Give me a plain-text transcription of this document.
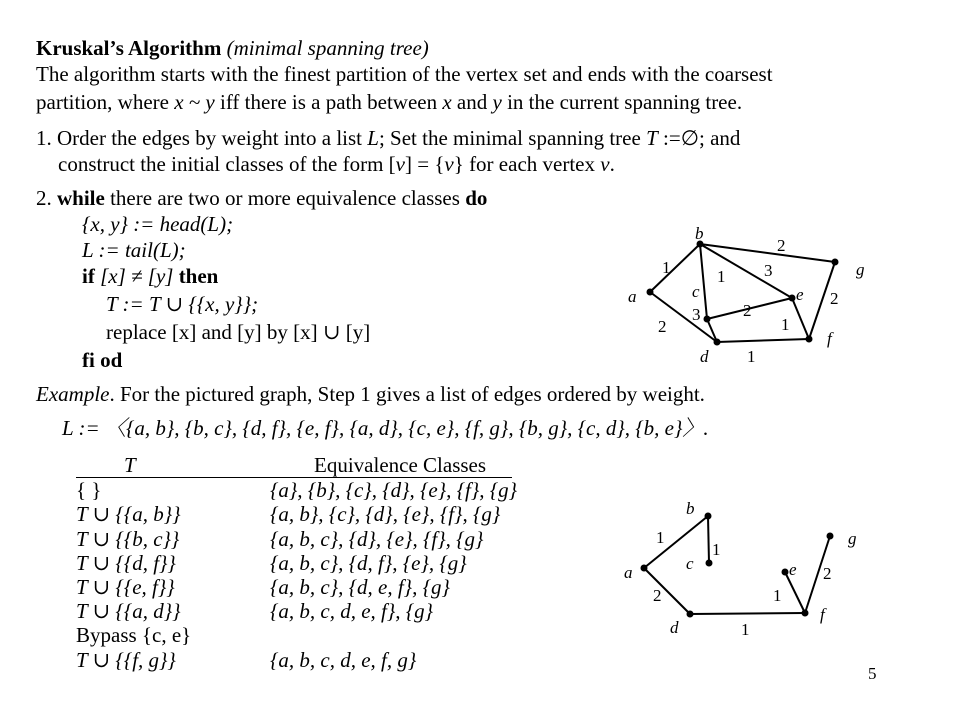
Kruskal’s Algorithm (minimal spanning tree)
The algorithm starts with the finest partition of the vertex set and ends with the coarsest
partition, where x ~ y iff there is a path between x and y in the current spanning tree.
1. Order the edges by weight into a list L; Set the minimal spanning tree T :=∅; and
construct the initial classes of the form [v] = {v} for each vertex v.
2. while there are two or more equivalence classes do
{x, y} := head(L);
L := tail(L);
if [x] ≠ [y] then
T := T ∪ {{x, y}};
replace [x] and [y] by [x] ∪ [y]
fi od
Example. For the pictured graph, Step 1 gives a list of edges ordered by weight.
L := 〈{a, b}, {b, c}, {d, f}, {e, f}, {a, d}, {c, e}, {f, g}, {b, g}, {c, d}, {b, e}〉.
T	Equivalence Classes
{ }	{a}, {b}, {c}, {d}, {e}, {f}, {g}
T ∪ {{a, b}}	{a, b}, {c}, {d}, {e}, {f}, {g}
T ∪ {{b, c}}	{a, b, c}, {d}, {e}, {f}, {g}
T ∪ {{d, f}}	{a, b, c}, {d, f}, {e}, {g}
T ∪ {{e, f}}	{a, b, c}, {d, e, f}, {g}
T ∪ {{a, d}}	{a, b, c, d, e, f}, {g}
Bypass {c, e}
T ∪ {{f, g}}	{a, b, c, d, e, f, g}
b
a	c
d
e
f
g
1	1
2
3
2
3
2
1
1
2
b
a	c
d
e
f
g
1
1
2
1
1
2
5
